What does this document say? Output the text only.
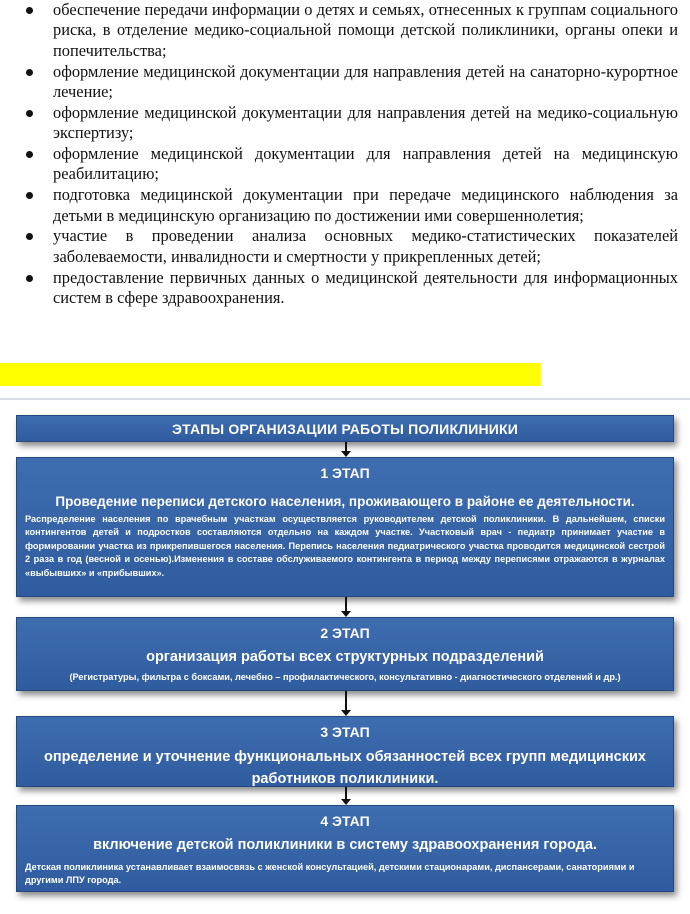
обеспечение передачи информации о детях и семьях, отнесенных к группам социального риска, в отделение медико-социальной помощи детской поликлиники, органы опеки и попечительства;
оформление медицинской документации для направления детей на санаторно-курортное лечение;
оформление медицинской документации для направления детей на медико-социальную экспертизу;
оформление медицинской документации для направления детей на медицинскую реабилитацию;
подготовка медицинской документации при передаче медицинского наблюдения за детьми в медицинскую организацию по достижении ими совершеннолетия;
участие в проведении анализа основных медико-статистических показателей заболеваемости, инвалидности и смертности у прикрепленных детей;
предоставление первичных данных о медицинской деятельности для информационных систем в сфере здравоохранения.
ЭТАПЫ ОРГАНИЗАЦИИ РАБОТЫ ПОЛИКЛИНИКИ
1 ЭТАП
Проведение переписи детского населения, проживающего в районе ее деятельности.
Распределение населения по врачебным участкам осуществляется руководителем детской поликлиники. В дальнейшем, списки контингентов детей и подростков составляются отдельно на каждом участке. Участковый врач - педиатр принимает участие в формировании участка из прикрепившегося населения. Перепись населения педиатрического участка проводится медицинской сестрой 2 раза в год (весной и осенью).Изменения в составе обслуживаемого контингента в период между переписями отражаются в журналах «выбывших» и «прибывших».
2 ЭТАП
организация работы всех структурных подразделений
(Регистратуры, фильтра с боксами, лечебно – профилактического, консультативно - диагностического отделений и др.)
3 ЭТАП
определение и уточнение функциональных обязанностей всех групп медицинских работников поликлиники.
4 ЭТАП
включение детской поликлиники в систему здравоохранения города.
Детская поликлиника устанавливает взаимосвязь с женской консультацией, детскими стационарами, диспансерами, санаториями и другими ЛПУ города.
